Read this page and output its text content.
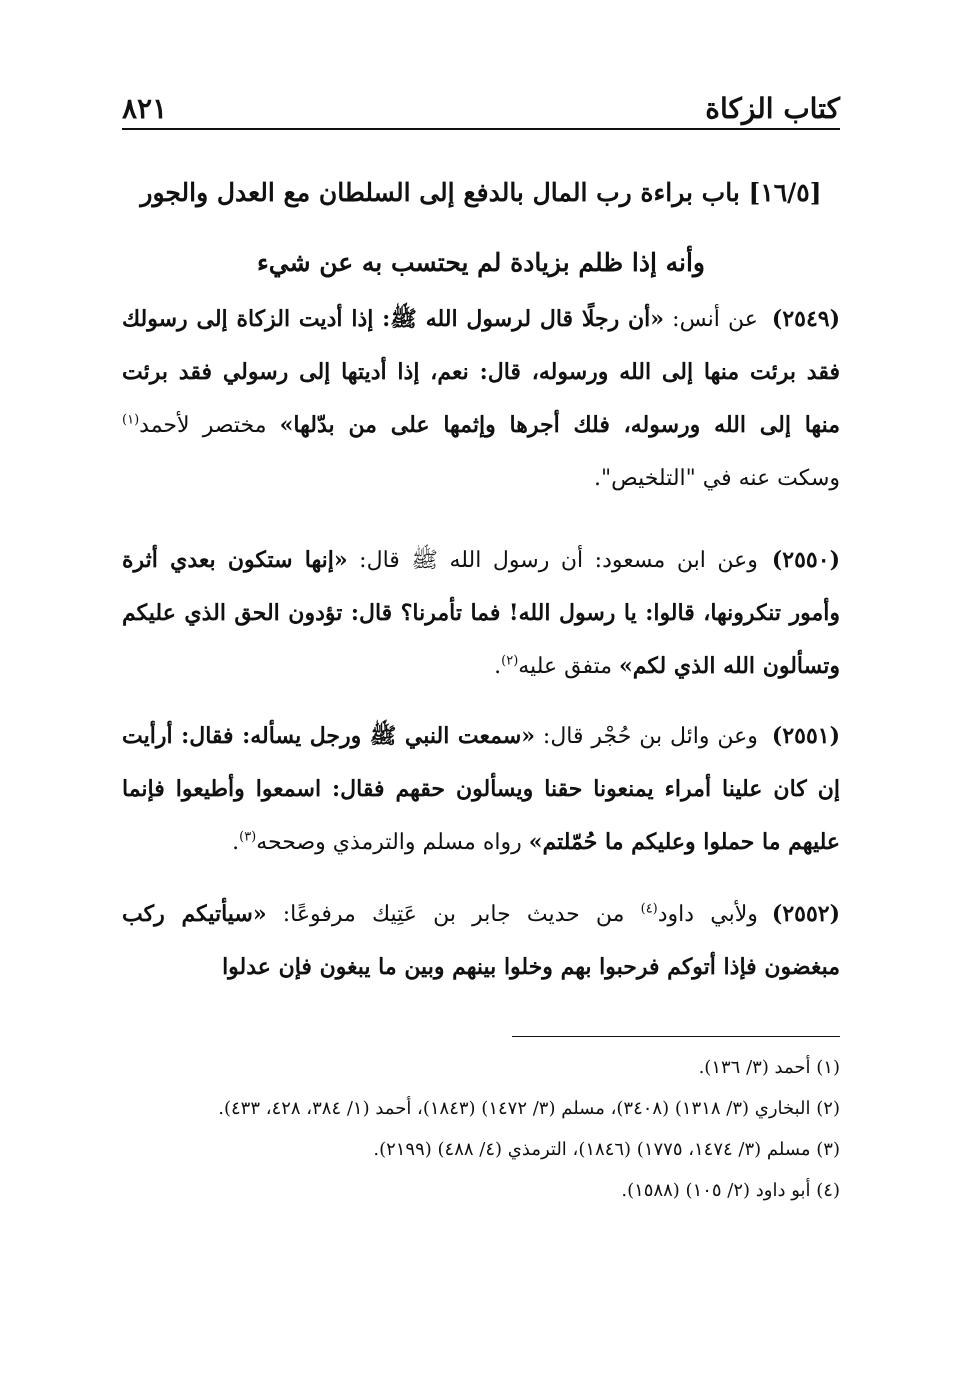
كتاب الزكاة
٨٢١
[١٦/٥] باب براءة رب المال بالدفع إلى السلطان مع العدل والجور
وأنه إذا ظلم بزيادة لم يحتسب به عن شيء

(٢٥٤٩)عن أنس: «أن رجلًا قال لرسول الله ﷺ: إذا أديت الزكاة إلى رسولك فقد برئت منها إلى الله ورسوله، قال: نعم، إذا أديتها إلى رسولي فقد برئت منها إلى الله ورسوله، فلك أجرها وإثمها على من بدّلها» مختصر لأحمد$^{(١)}$ وسكت عنه في "التلخيص".

(٢٥٥٠)وعن ابن مسعود: أن رسول الله ﷺ قال: «إنها ستكون بعدي أثرة وأمور تنكرونها، قالوا: يا رسول الله! فما تأمرنا؟ قال: تؤدون الحق الذي عليكم وتسألون الله الذي لكم» متفق عليه$^{(٢)}$.

(٢٥٥١)وعن وائل بن حُجْر قال: «سمعت النبي ﷺ ورجل يسأله: فقال: أرأيت إن كان علينا أمراء يمنعونا حقنا ويسألون حقهم فقال: اسمعوا وأطيعوا فإنما عليهم ما حملوا وعليكم ما حُمّلتم» رواه مسلم والترمذي وصححه$^{(٣)}$.

(٢٥٥٢)ولأبي داود$^{(٤)}$ من حديث جابر بن عَتِيك مرفوعًا: «سيأتيكم ركب مبغضون فإذا أتوكم فرحبوا بهم وخلوا بينهم وبين ما يبغون فإن عدلوا

(١) أحمد (٣/ ١٣٦).

(٢) البخاري (٣/ ١٣١٨) (٣٤٠٨)، مسلم (٣/ ١٤٧٢) (١٨٤٣)، أحمد (١/ ٣٨٤، ٤٢٨، ٤٣٣).

(٣) مسلم (٣/ ١٤٧٤، ١٧٧٥) (١٨٤٦)، الترمذي (٤/ ٤٨٨) (٢١٩٩).

(٤) أبو داود (٢/ ١٠٥) (١٥٨٨).
